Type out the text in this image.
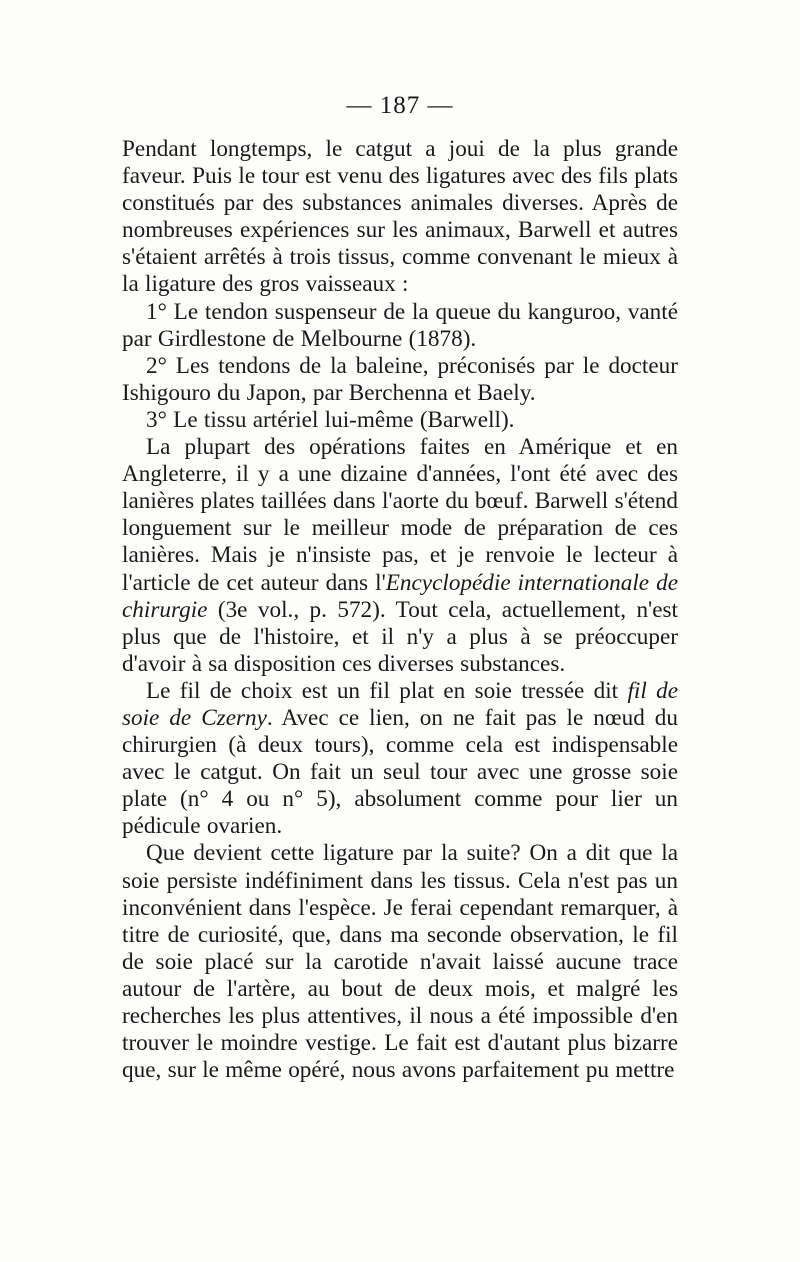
— 187 —

Pendant longtemps, le catgut a joui de la plus grande faveur. Puis le tour est venu des ligatures avec des fils plats constitués par des substances animales diverses. Après de nombreuses expériences sur les animaux, Barwell et autres s'étaient arrêtés à trois tissus, comme convenant le mieux à la ligature des gros vaisseaux :

1° Le tendon suspenseur de la queue du kanguroo, vanté par Girdlestone de Melbourne (1878).

2° Les tendons de la baleine, préconisés par le docteur Ishigouro du Japon, par Berchenna et Baely.

3° Le tissu artériel lui-même (Barwell).

La plupart des opérations faites en Amérique et en Angleterre, il y a une dizaine d'années, l'ont été avec des lanières plates taillées dans l'aorte du bœuf. Barwell s'étend longuement sur le meilleur mode de préparation de ces lanières. Mais je n'insiste pas, et je renvoie le lecteur à l'article de cet auteur dans l'Encyclopédie internationale de chirurgie (3e vol., p. 572). Tout cela, actuellement, n'est plus que de l'histoire, et il n'y a plus à se préoccuper d'avoir à sa disposition ces diverses substances.

Le fil de choix est un fil plat en soie tressée dit fil de soie de Czerny. Avec ce lien, on ne fait pas le nœud du chirurgien (à deux tours), comme cela est indispensable avec le catgut. On fait un seul tour avec une grosse soie plate (n° 4 ou n° 5), absolument comme pour lier un pédicule ovarien.

Que devient cette ligature par la suite? On a dit que la soie persiste indéfiniment dans les tissus. Cela n'est pas un inconvénient dans l'espèce. Je ferai cependant remarquer, à titre de curiosité, que, dans ma seconde observation, le fil de soie placé sur la carotide n'avait laissé aucune trace autour de l'artère, au bout de deux mois, et malgré les recherches les plus attentives, il nous a été impossible d'en trouver le moindre vestige. Le fait est d'autant plus bizarre que, sur le même opéré, nous avons parfaitement pu mettre
